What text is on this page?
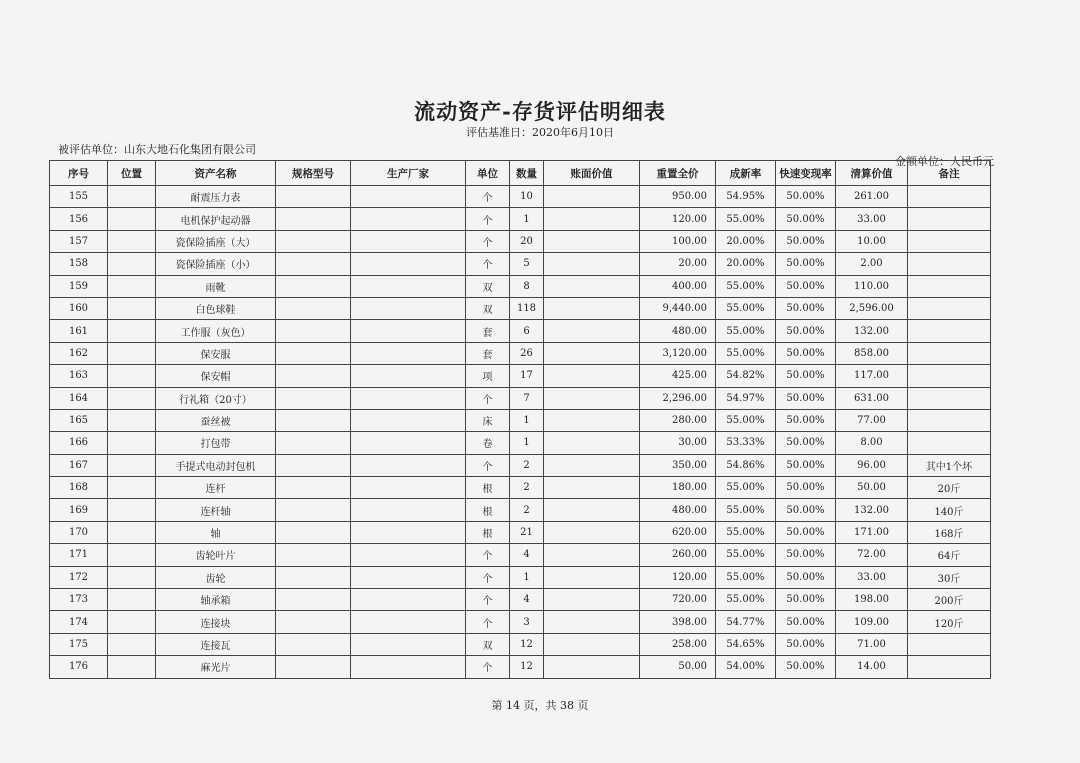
流动资产-存货评估明细表
评估基准日：2020年6月10日
被评估单位：山东大地石化集团有限公司
金额单位：人民币元
序号	位置	资产名称	规格型号	生产厂家	单位	数量	账面价值	重置全价	成新率	快速变现率	清算价值	备注
155		耐震压力表			个	10		950.00	54.95%	50.00%	261.00	
156		电机保护起动器			个	1		120.00	55.00%	50.00%	33.00	
157		瓷保险插座（大）			个	20		100.00	20.00%	50.00%	10.00	
158		瓷保险插座（小）			个	5		20.00	20.00%	50.00%	2.00	
159		雨靴			双	8		400.00	55.00%	50.00%	110.00	
160		白色球鞋			双	118		9,440.00	55.00%	50.00%	2,596.00	
161		工作服（灰色）			套	6		480.00	55.00%	50.00%	132.00	
162		保安服			套	26		3,120.00	55.00%	50.00%	858.00	
163		保安帽			项	17		425.00	54.82%	50.00%	117.00	
164		行礼箱（20寸）			个	7		2,296.00	54.97%	50.00%	631.00	
165		蚕丝被			床	1		280.00	55.00%	50.00%	77.00	
166		打包带			卷	1		30.00	53.33%	50.00%	8.00	
167		手提式电动封包机			个	2		350.00	54.86%	50.00%	96.00	其中1个坏
168		连杆			根	2		180.00	55.00%	50.00%	50.00	20斤
169		连杆轴			根	2		480.00	55.00%	50.00%	132.00	140斤
170		轴			根	21		620.00	55.00%	50.00%	171.00	168斤
171		齿轮叶片			个	4		260.00	55.00%	50.00%	72.00	64斤
172		齿轮			个	1		120.00	55.00%	50.00%	33.00	30斤
173		轴承箱			个	4		720.00	55.00%	50.00%	198.00	200斤
174		连接块			个	3		398.00	54.77%	50.00%	109.00	120斤
175		连接瓦			双	12		258.00	54.65%	50.00%	71.00	
176		麻光片			个	12		50.00	54.00%	50.00%	14.00	
第 14 页，共 38 页
